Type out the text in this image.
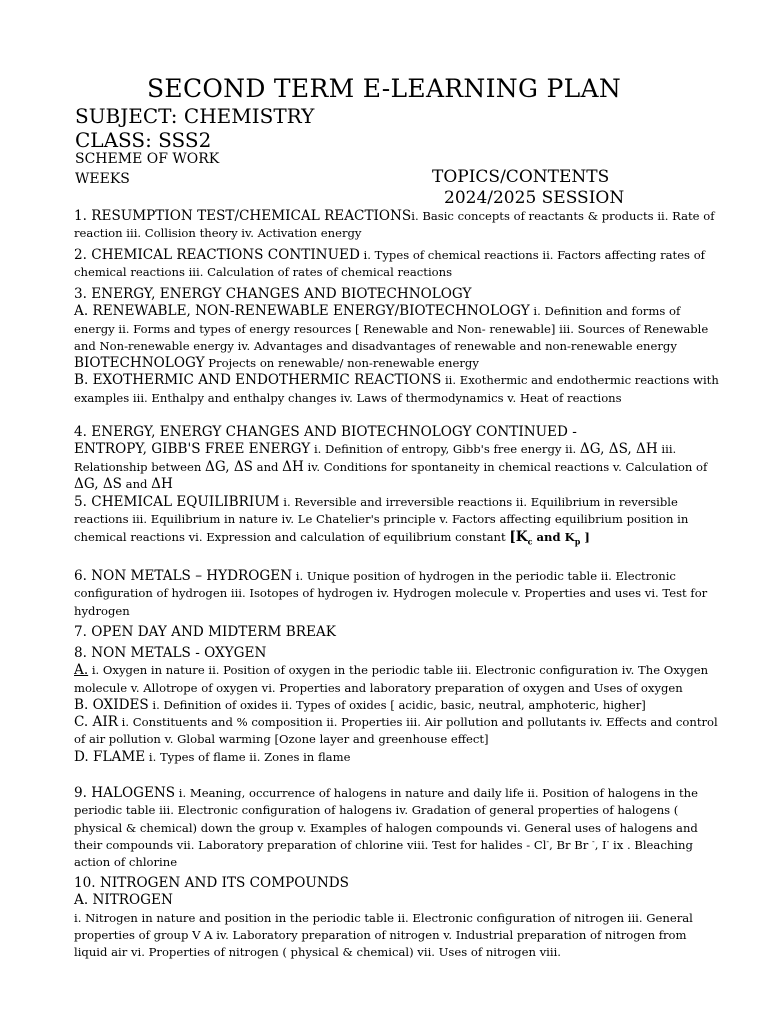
SECOND TERM E-LEARNING PLAN
SUBJECT: CHEMISTRY
CLASS: SSS2
SCHEME OF WORK
WEEKS	TOPICS/CONTENTS
2024/2025 SESSION
1. RESUMPTION TEST/CHEMICAL REACTIONSi. Basic concepts of reactants & products ii. Rate of reaction iii. Collision theory iv. Activation energy
2. CHEMICAL REACTIONS CONTINUED i. Types of chemical reactions ii. Factors affecting rates of chemical reactions iii. Calculation of rates of chemical reactions
3. ENERGY, ENERGY CHANGES AND BIOTECHNOLOGY
A. RENEWABLE, NON-RENEWABLE ENERGY/BIOTECHNOLOGY i. Definition and forms of energy ii. Forms and types of energy resources [ Renewable and Non- renewable] iii. Sources of Renewable and Non-renewable energy iv. Advantages and disadvantages of renewable and non-renewable energy BIOTECHNOLOGY Projects on renewable/ non-renewable energy
B. EXOTHERMIC AND ENDOTHERMIC REACTIONS ii. Exothermic and endothermic reactions with examples iii. Enthalpy and enthalpy changes iv. Laws of thermodynamics v. Heat of reactions
4. ENERGY, ENERGY CHANGES AND BIOTECHNOLOGY CONTINUED -
ENTROPY, GIBB'S FREE ENERGY i. Definition of entropy, Gibb's free energy ii. ΔG, ΔS, ΔH iii. Relationship between ΔG, ΔS and ΔH iv. Conditions for spontaneity in chemical reactions v. Calculation of ΔG, ΔS and ΔH
5. CHEMICAL EQUILIBRIUM i. Reversible and irreversible reactions ii. Equilibrium in reversible reactions iii. Equilibrium in nature iv. Le Chatelier's principle v. Factors affecting equilibrium position in chemical reactions vi. Expression and calculation of equilibrium constant [$K_c$ and $K_p$ ]
6. NON METALS – HYDROGEN i. Unique position of hydrogen in the periodic table ii. Electronic configuration of hydrogen iii. Isotopes of hydrogen iv. Hydrogen molecule v. Properties and uses vi. Test for hydrogen
7. OPEN DAY AND MIDTERM BREAK
8. NON METALS - OXYGEN
A. i. Oxygen in nature ii. Position of oxygen in the periodic table iii. Electronic configuration iv. The Oxygen molecule v. Allotrope of oxygen vi. Properties and laboratory preparation of oxygen and Uses of oxygen
B. OXIDES i. Definition of oxides ii. Types of oxides [ acidic, basic, neutral, amphoteric, higher]
C. AIR i. Constituents and % composition ii. Properties iii. Air pollution and pollutants iv. Effects and control of air pollution v. Global warming [Ozone layer and greenhouse effect]
D. FLAME i. Types of flame ii. Zones in flame
9. HALOGENS i. Meaning, occurrence of halogens in nature and daily life ii. Position of halogens in the periodic table iii. Electronic configuration of halogens iv. Gradation of general properties of halogens ( physical & chemical) down the group v. Examples of halogen compounds vi. General uses of halogens and their compounds vii. Laboratory preparation of chlorine viii. Test for halides - Cl-, Br Br -, I- ix . Bleaching action of chlorine
10. NITROGEN AND ITS COMPOUNDS
A. NITROGEN
i. Nitrogen in nature and position in the periodic table ii. Electronic configuration of nitrogen iii. General properties of group V A iv. Laboratory preparation of nitrogen v. Industrial preparation of nitrogen from liquid air vi. Properties of nitrogen ( physical & chemical) vii. Uses of nitrogen viii.
